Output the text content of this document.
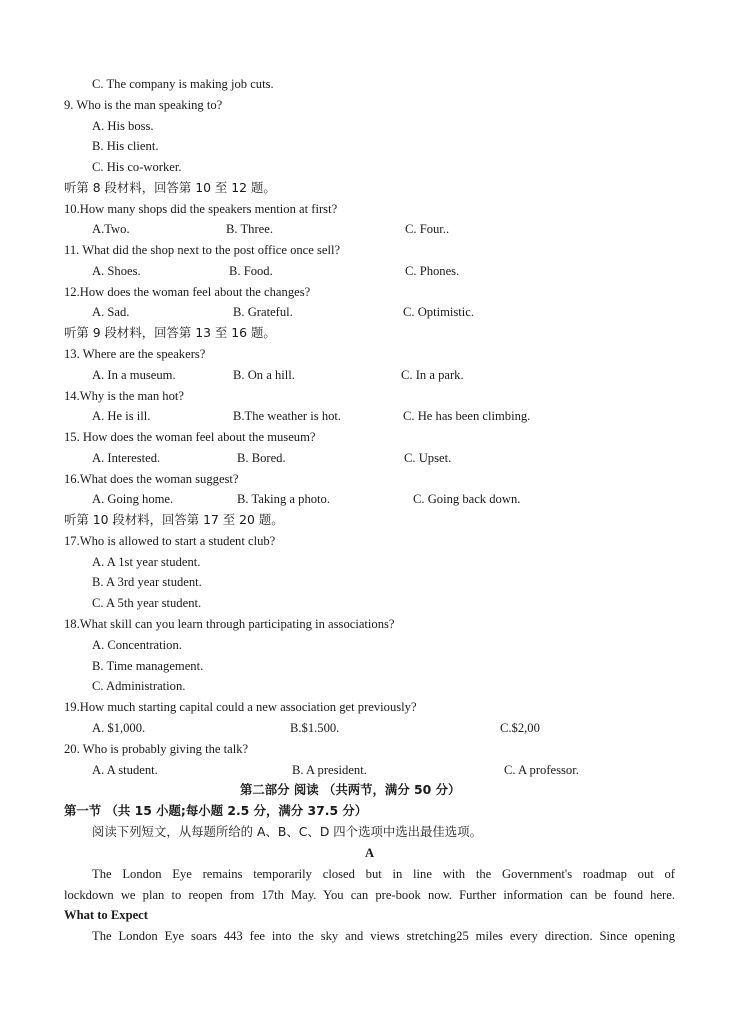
C. The company is making job cuts.
9. Who is the man speaking to?
A. His boss.
B. His client.
C. His co-worker.
听第 8 段材料，回答第 10 至 12 题。
10.How many shops did the speakers mention at first?
A.Two.	B. Three.	C. Four..
11. What did the shop next to the post office once sell?
A. Shoes.	B. Food.	C. Phones.
12.How does the woman feel about the changes?
A. Sad.	B. Grateful.	C. Optimistic.
听第 9 段材料，回答第 13 至 16 题。
13. Where are the speakers?
A. In a museum.	B. On a hill.	C. In a park.
14.Why is the man hot?
A. He is ill.	B.The weather is hot.	C. He has been climbing.
15. How does the woman feel about the museum?
A. Interested.	B. Bored.	C. Upset.
16.What does the woman suggest?
A. Going home.	B. Taking a photo.	C. Going back down.
听第 10 段材料，回答第 17 至 20 题。
17.Who is allowed to start a student club?
A. A 1st year student.
B. A 3rd year student.
C. A 5th year student.
18.What skill can you learn through participating in associations?
A. Concentration.
B. Time management.
C. Administration.
19.How much starting capital could a new association get previously?
A. $1,000.	B.$1.500.	C.$2,00
20. Who is probably giving the talk?
A. A student.	B. A president.	C. A professor.
第二部分 阅读 （共两节，满分 50 分）
第一节 （共 15 小题;每小题 2.5 分，满分 37.5 分）
阅读下列短文，从每题所给的 A、B、C、D 四个选项中选出最佳选项。
A
The London Eye remains temporarily closed but in line with the Government's roadmap out of
lockdown we plan to reopen from 17th May. You can pre-book now. Further information can be found here.
What to Expect
The London Eye soars 443 fee into the sky and views stretching25 miles every direction. Since opening
